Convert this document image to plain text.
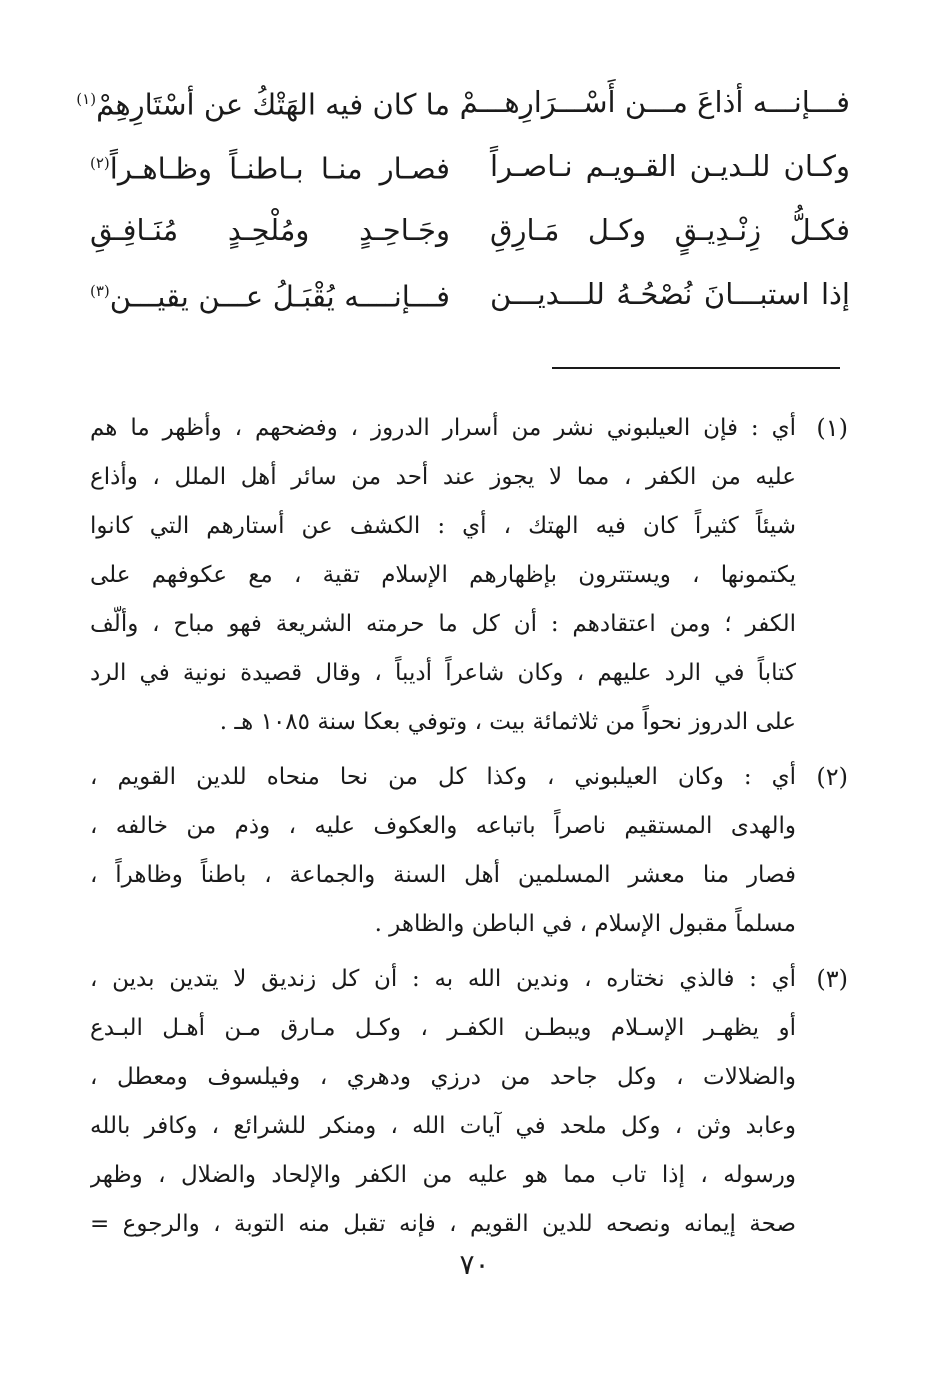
فـــإنـــه أذاعَ مـــن أَسْـــرَارِهـــمْ
ما كان فيه الهَتْكُ عن أسْتَارِهِمْ$^{(١)}$
وكـان للـديـن القـويـم نـاصـراً
فصـار منـا بـاطنـاً وظـاهـراً$^{(٢)}$
فكـلُّ زِنْـدِيـقٍ وكـل مَـارِقِ
وجَـاحِـدٍ ومُلْحِـدٍ مُنَـافِـقِ
إذا استبـــانَ نُصْحُـهُ للـــديـــن
فـــإنــــه يُقْبَـلُ عـــن يقيـــن$^{(٣)}$
(١)
أي : فإن العيلبوني نشر من أسرار الدروز ، وفضحهم ، وأظهر ما هم
عليه من الكفر ، مما لا يجوز عند أحد من سائر أهل الملل ، وأذاع
شيئاً كثيراً كان فيه الهتك ، أي : الكشف عن أستارهم التي كانوا
يكتمونها ، ويستترون بإظهارهم الإسلام تقية ، مع عكوفهم على
الكفر ؛ ومن اعتقادهم : أن كل ما حرمته الشريعة فهو مباح ، وألّف
كتاباً في الرد عليهم ، وكان شاعراً أديباً ، وقال قصيدة نونية في الرد
على الدروز نحواً من ثلاثمائة بيت ، وتوفي بعكا سنة ١٠٨٥ هـ .
(٢)
أي : وكان العيلبوني ، وكذا كل من نحا منحاه للدين القويم ،
والهدى المستقيم ناصراً باتباعه والعكوف عليه ، وذم من خالفه ،
فصار منا معشر المسلمين أهل السنة والجماعة ، باطناً وظاهراً ،
مسلماً مقبول الإسلام ، في الباطن والظاهر .
(٣)
أي : فالذي نختاره ، وندين الله به : أن كل زنديق لا يتدين بدين ،
أو يظهـر الإسـلام ويبطـن الكفـر ، وكـل مـارق مـن أهـل البـدع
والضلالات ، وكل جاحد من درزي ودهري ، وفيلسوف ومعطل ،
وعابد وثن ، وكل ملحد في آيات الله ، ومنكر للشرائع ، وكافر بالله
ورسوله ، إذا تاب مما هو عليه من الكفر والإلحاد والضلال ، وظهر
صحة إيمانه ونصحه للدين القويم ، فإنه تقبل منه التوبة ، والرجوع =
٧٠
